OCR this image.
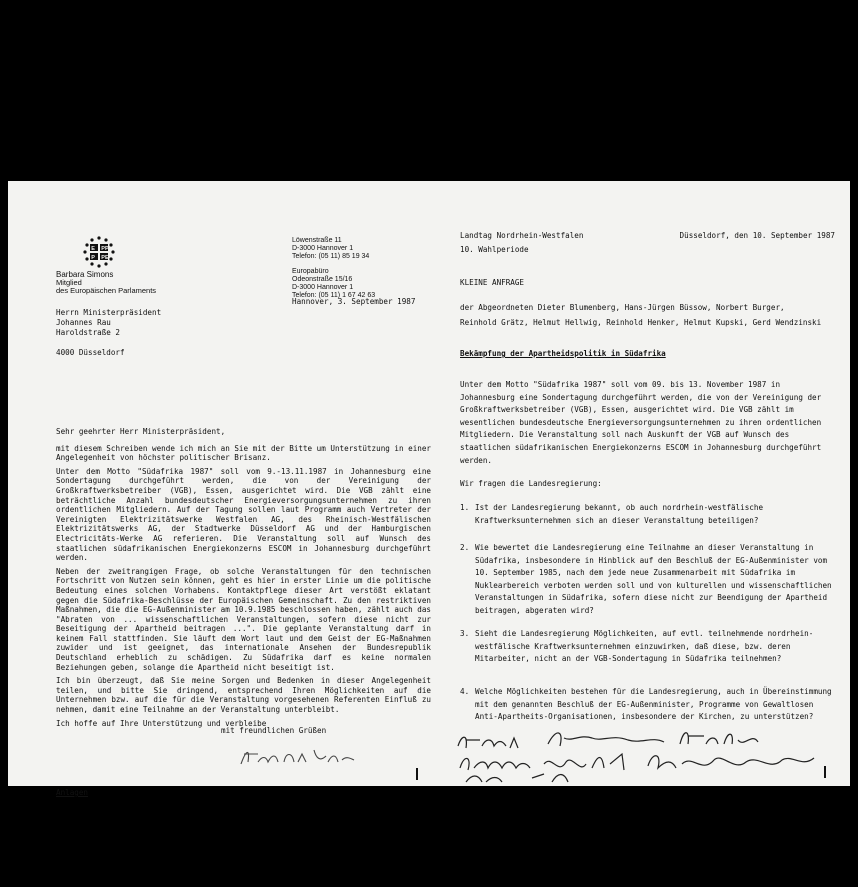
E PP
P PE
Barbara Simons
Mitglied
des Europäischen Parlaments

Löwenstraße 11
D-3000 Hannover 1
Telefon: (05 11) 85 19 34

Europabüro
Odeonstraße 15/16
D-3000 Hannover 1
Telefon: (05 11) 1 67 42 63

Hannover, 3. September 1987
Herrn Ministerpräsident
Johannes Rau
Haroldstraße 2

4000 Düsseldorf

Sehr geehrter Herr Ministerpräsident,

mit diesem Schreiben wende ich mich an Sie mit der Bitte um Unterstützung in einer Angelegenheit von höchster politischer Brisanz.

Unter dem Motto "Südafrika 1987" soll vom 9.-13.11.1987 in Johannesburg eine Sondertagung durchgeführt werden, die von der Vereinigung der Großkraftwerksbetreiber (VGB), Essen, ausgerichtet wird. Die VGB zählt eine beträchtliche Anzahl bundesdeutscher Energieversorgungsunternehmen zu ihren ordentlichen Mitgliedern. Auf der Tagung sollen laut Programm auch Vertreter der Vereinigten Elektrizitätswerke Westfalen AG, des Rheinisch-Westfälischen Elektrizitätswerks AG, der Stadtwerke Düsseldorf AG und der Hamburgischen Electricitäts-Werke AG referieren. Die Veranstaltung soll auf Wunsch des staatlichen südafrikanischen Energiekonzerns ESCOM in Johannesburg durchgeführt werden.

Neben der zweitrangigen Frage, ob solche Veranstaltungen für den technischen Fortschritt von Nutzen sein können, geht es hier in erster Linie um die politische Bedeutung eines solchen Vorhabens. Kontaktpflege dieser Art verstößt eklatant gegen die Südafrika-Beschlüsse der Europäischen Gemeinschaft. Zu den restriktiven Maßnahmen, die die EG-Außenminister am 10.9.1985 beschlossen haben, zählt auch das "Abraten von ... wissenschaftlichen Veranstaltungen, sofern diese nicht zur Beseitigung der Apartheid beitragen ...". Die geplante Veranstaltung darf in keinem Fall stattfinden. Sie läuft dem Wort laut und dem Geist der EG-Maßnahmen zuwider und ist geeignet, das internationale Ansehen der Bundesrepublik Deutschland erheblich zu schädigen. Zu Südafrika darf es keine normalen Beziehungen geben, solange die Apartheid nicht beseitigt ist.

Ich bin überzeugt, daß Sie meine Sorgen und Bedenken in dieser Angelegenheit teilen, und bitte Sie dringend, entsprechend Ihren Möglichkeiten auf die Unternehmen bzw. auf die für die Veranstaltung vorgesehenen Referenten Einfluß zu nehmen, damit eine Teilnahme an der Veranstaltung unterbleibt.

Ich hoffe auf Ihre Unterstützung und verbleibe

mit freundlichen Grüßen
Anlagen
Landtag Nordrhein-Westfalen	Düsseldorf, den 10. September 1987
10. Wahlperiode
KLEINE ANFRAGE
der Abgeordneten Dieter Blumenberg, Hans-Jürgen Büssow, Norbert Burger,
Reinhold Grätz, Helmut Hellwig, Reinhold Henker, Helmut Kupski, Gerd Wendzinski
Bekämpfung der Apartheidspolitik in Südafrika
Unter dem Motto "Südafrika 1987" soll vom 09. bis 13. November 1987 in Johannesburg eine Sondertagung durchgeführt werden, die von der Vereinigung der Großkraftwerksbetreiber (VGB), Essen, ausgerichtet wird. Die VGB zählt im wesentlichen bundesdeutsche Energieversorgungsunternehmen zu ihren ordentlichen Mitgliedern. Die Veranstaltung soll nach Auskunft der VGB auf Wunsch des staatlichen südafrikanischen Energiekonzerns ESCOM in Johannesburg durchgeführt werden.
Wir fragen die Landesregierung:
1. Ist der Landesregierung bekannt, ob auch nordrhein-westfälische Kraftwerksunternehmen sich an dieser Veranstaltung beteiligen?
2. Wie bewertet die Landesregierung eine Teilnahme an dieser Veranstaltung in Südafrika, insbesondere in Hinblick auf den Beschluß der EG-Außenminister vom 10. September 1985, nach dem jede neue Zusammenarbeit mit Südafrika im Nuklearbereich verboten werden soll und von kulturellen und wissenschaftlichen Veranstaltungen in Südafrika, sofern diese nicht zur Beendigung der Apartheid beitragen, abgeraten wird?
3. Sieht die Landesregierung Möglichkeiten, auf evtl. teilnehmende nordrhein-westfälische Kraftwerksunternehmen einzuwirken, daß diese, bzw. deren Mitarbeiter, nicht an der VGB-Sondertagung in Südafrika teilnehmen?
4. Welche Möglichkeiten bestehen für die Landesregierung, auch in Übereinstimmung mit dem genannten Beschluß der EG-Außenminister, Programme von Gewaltlosen Anti-Apartheits-Organisationen, insbesondere der Kirchen, zu unterstützen?
